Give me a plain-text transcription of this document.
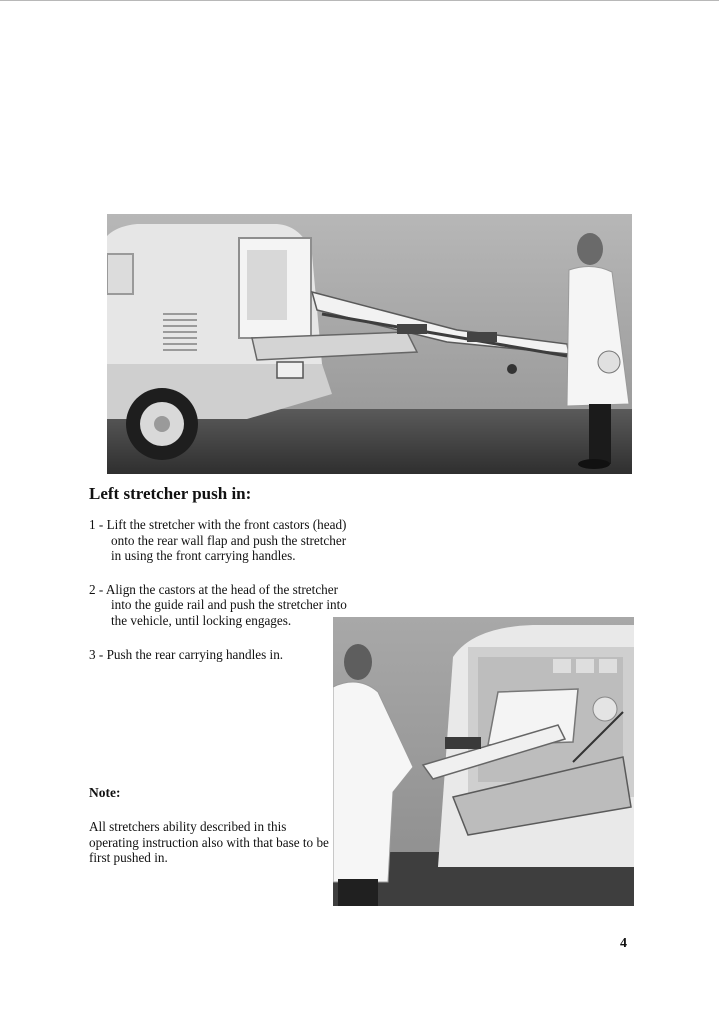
Left stretcher push in:
1 - Lift the stretcher with the front castors (head) onto the rear wall flap and push the stretcher in using the front carrying handles.
2 - Align the castors at the head of the stretcher into the guide rail and push the stretcher into the vehicle, until locking engages.
3 - Push the rear carrying handles in.
Note:

All stretchers ability described in this operating instruction also with that base to be first pushed in.

4
